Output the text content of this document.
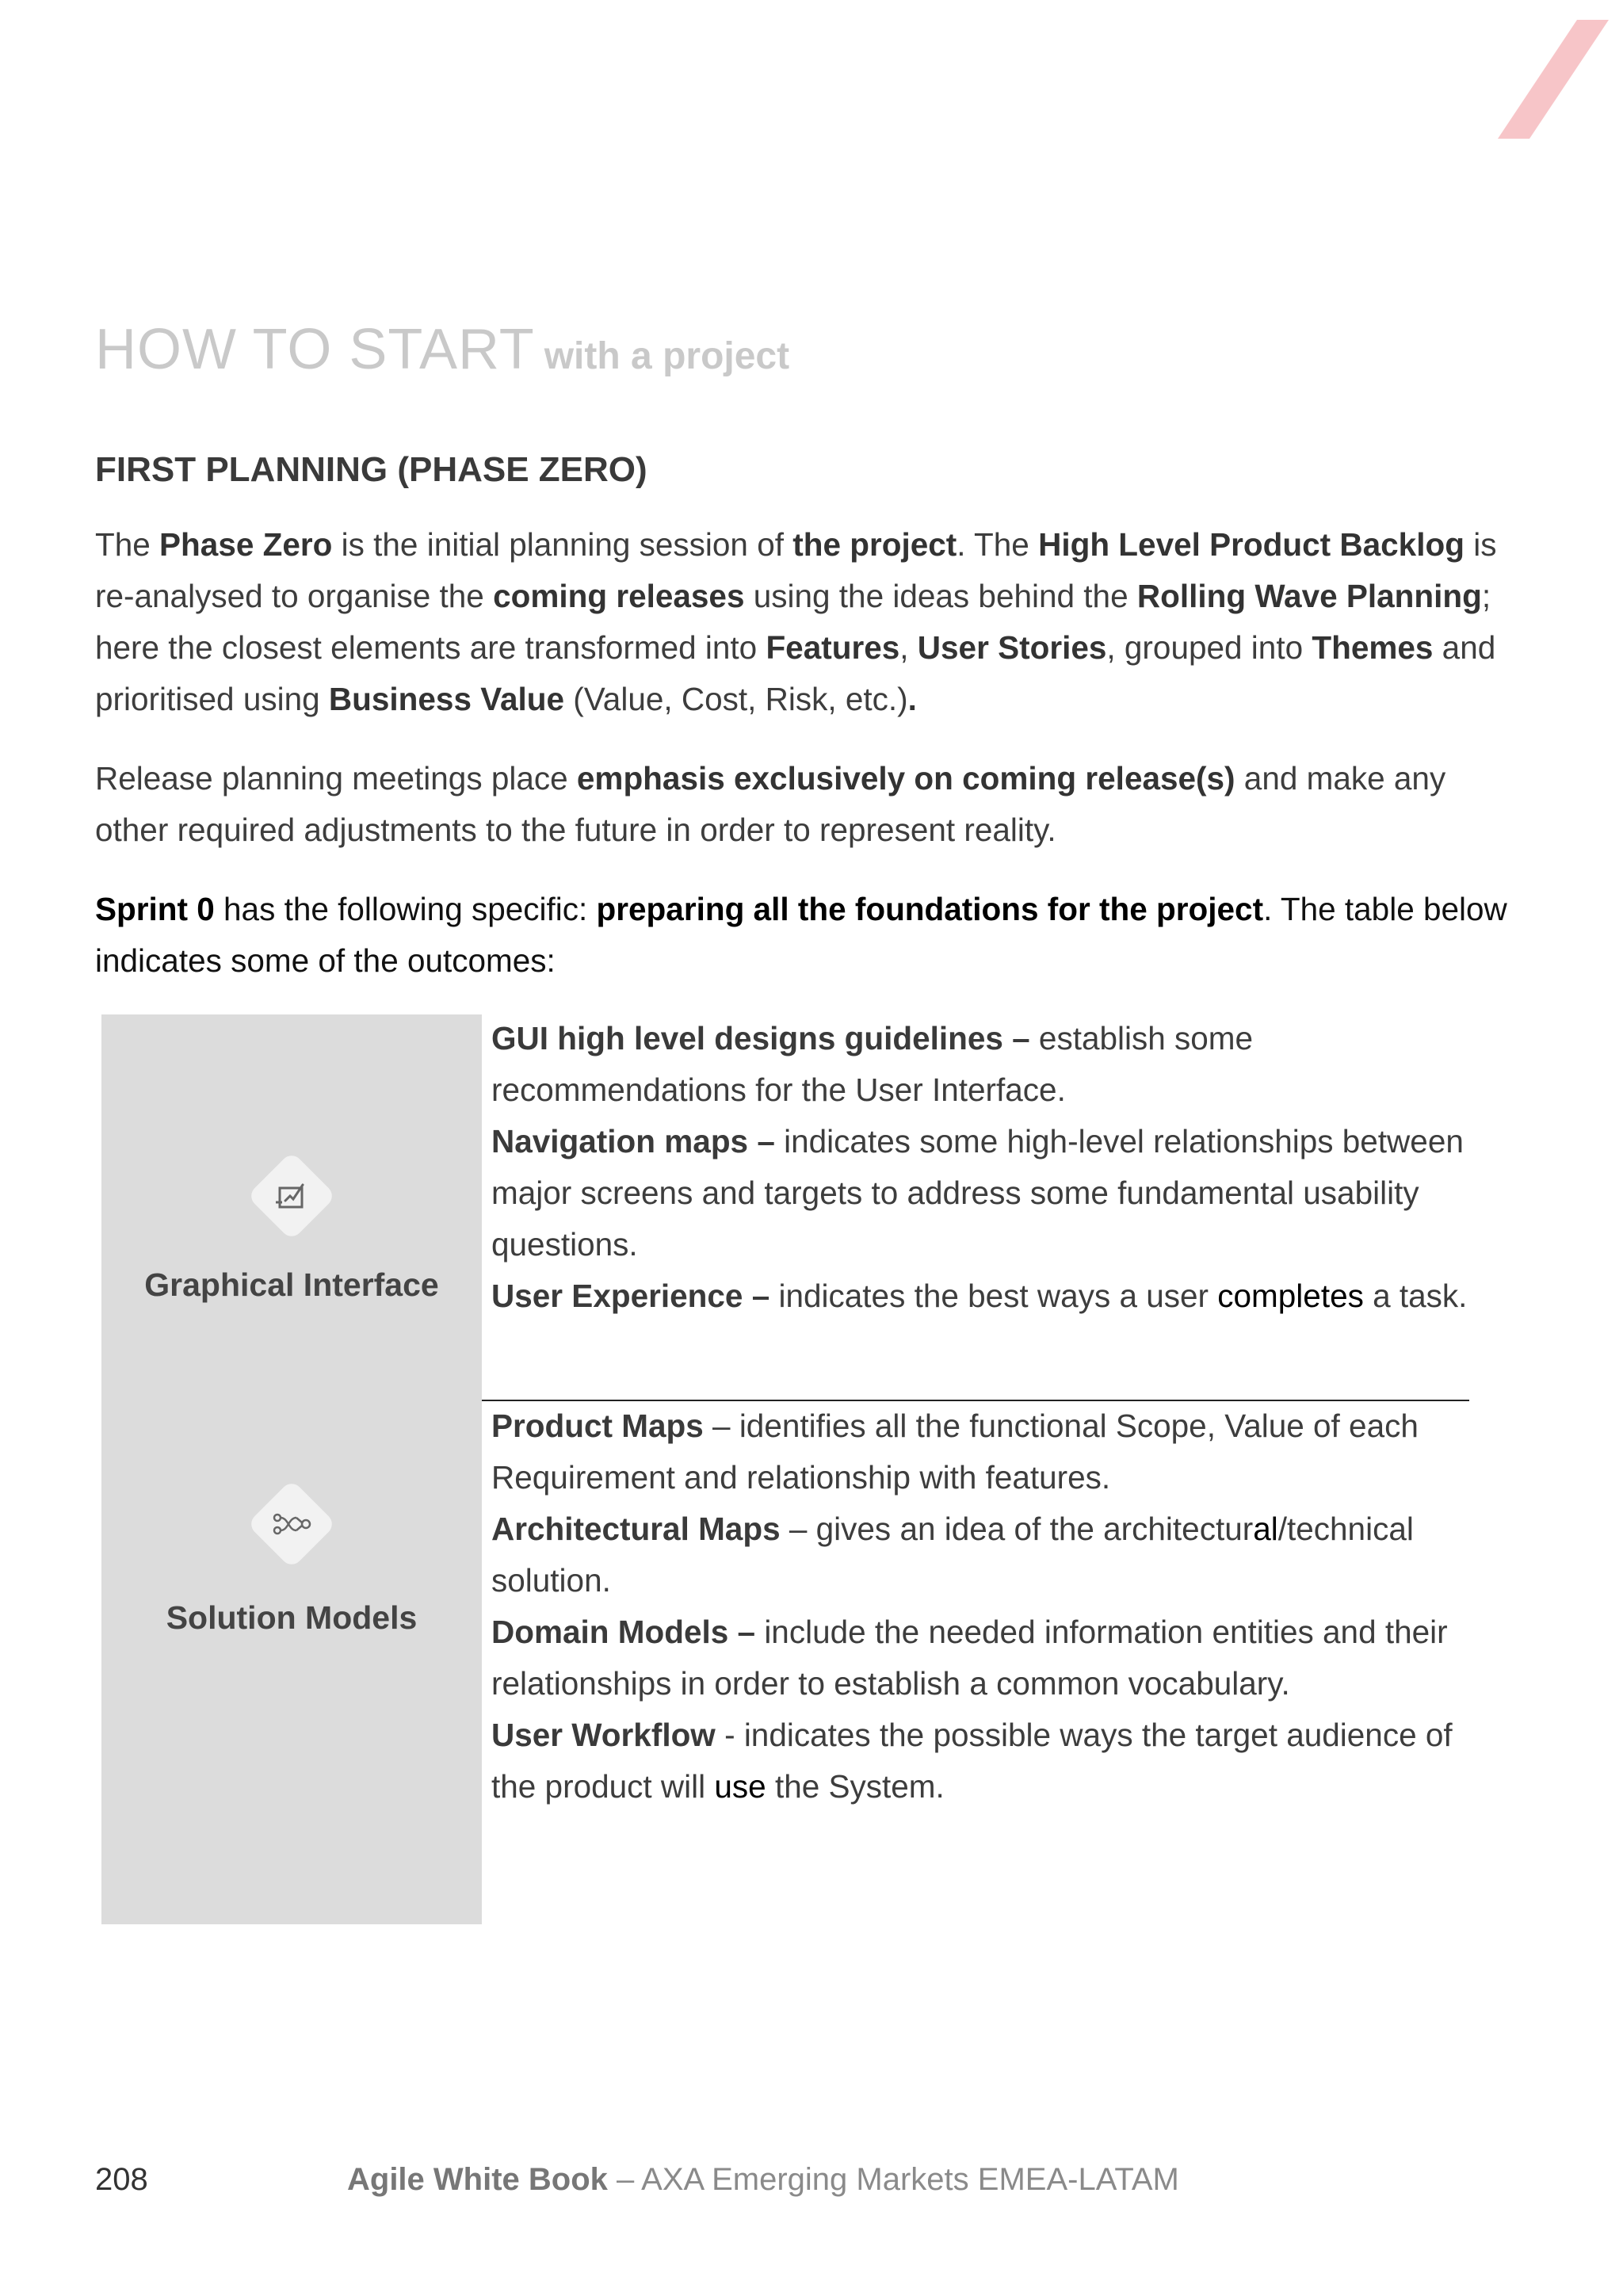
HOW TO START with a project
FIRST PLANNING (PHASE ZERO)

The Phase Zero is the initial planning session of the project. The High Level Product Backlog is re-analysed to organise the coming releases using the ideas behind the Rolling Wave Planning; here the closest elements are transformed into Features, User Stories, grouped into Themes and prioritised using Business Value (Value, Cost, Risk, etc.).

Release planning meetings place emphasis exclusively on coming release(s) and make any other required adjustments to the future in order to represent reality.

Sprint 0 has the following specific: preparing all the foundations for the project. The table below indicates some of the outcomes:

Graphical Interface
GUI high level designs guidelines – establish some recommendations for the User Interface.
Navigation maps – indicates some high-level relationships between major screens and targets to address some fundamental usability questions.
User Experience – indicates the best ways a user completes a task.
Solution Models
Product Maps – identifies all the functional Scope, Value of each Requirement and relationship with features.
Architectural Maps – gives an idea of the architectural/technical solution.
Domain Models – include the needed information entities and their relationships in order to establish a common vocabulary.
User Workflow - indicates the possible ways the target audience of the product will use the System.
208	Agile White Book – AXA Emerging Markets EMEA-LATAM
